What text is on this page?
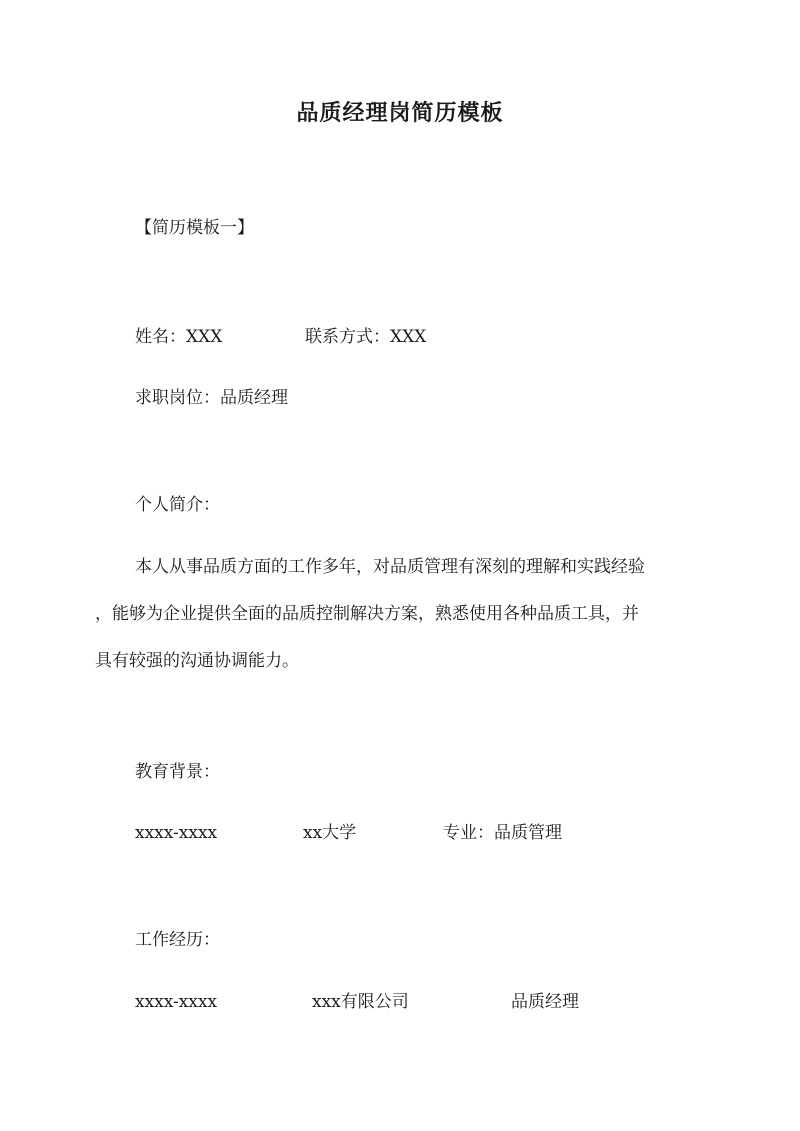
品质经理岗简历模板

【简历模板一】

姓名：XXX	联系方式：XXX

求职岗位：品质经理

个人简介：

本人从事品质方面的工作多年，对品质管理有深刻的理解和实践经验
，能够为企业提供全面的品质控制解决方案，熟悉使用各种品质工具，并
具有较强的沟通协调能力。

教育背景：

xxxx-xxxx	xx大学	专业：品质管理

工作经历：

xxxx-xxxx	xxx有限公司	品质经理
